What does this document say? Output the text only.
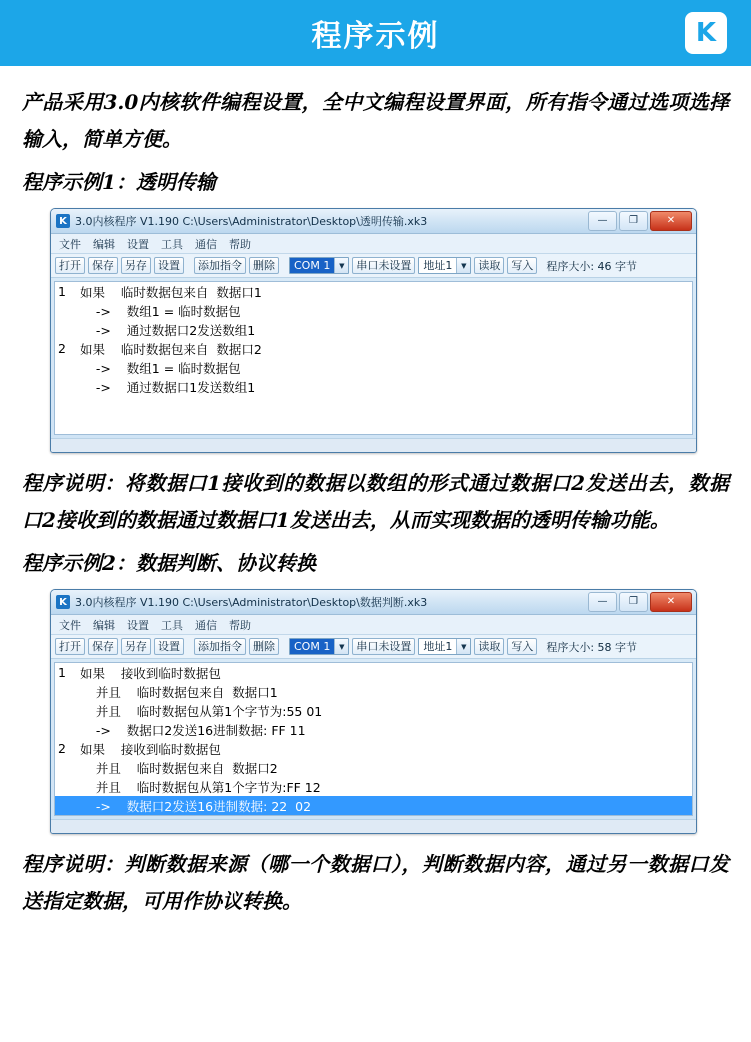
程序示例	K

产品采用3.0内核软件编程设置，全中文编程设置界面，所有指令通过选项选择输入，简单方便。

程序示例1：透明传输
K 3.0内核程序 V1.190 C:\Users\Administrator\Desktop\透明传输.xk3	—	❐	✕
文件 编辑 设置 工具 通信 帮助
打开	保存	另存	设置	添加指令	删除	COM 1	▼	串口未设置	地址1	▼	读取	写入	程序大小: 46 字节
1	如果    临时数据包来自  数据口1
->    数组1 = 临时数据包
->    通过数据口2发送数组1
2	如果    临时数据包来自  数据口2
->    数组1 = 临时数据包
->    通过数据口1发送数组1

程序说明：将数据口1接收到的数据以数组的形式通过数据口2发送出去，数据口2接收到的数据通过数据口1发送出去，从而实现数据的透明传输功能。

程序示例2：数据判断、协议转换
K 3.0内核程序 V1.190 C:\Users\Administrator\Desktop\数据判断.xk3	—	❐	✕
文件 编辑 设置 工具 通信 帮助
打开	保存	另存	设置	添加指令	删除	COM 1	▼	串口未设置	地址1	▼	读取	写入	程序大小: 58 字节
1	如果    接收到临时数据包
并且    临时数据包来自  数据口1
并且    临时数据包从第1个字节为:55 01
->    数据口2发送16进制数据: FF 11
2	如果    接收到临时数据包
并且    临时数据包来自  数据口2
并且    临时数据包从第1个字节为:FF 12
->    数据口2发送16进制数据: 22  02

程序说明：判断数据来源（哪一个数据口），判断数据内容，通过另一数据口发送指定数据，可用作协议转换。
